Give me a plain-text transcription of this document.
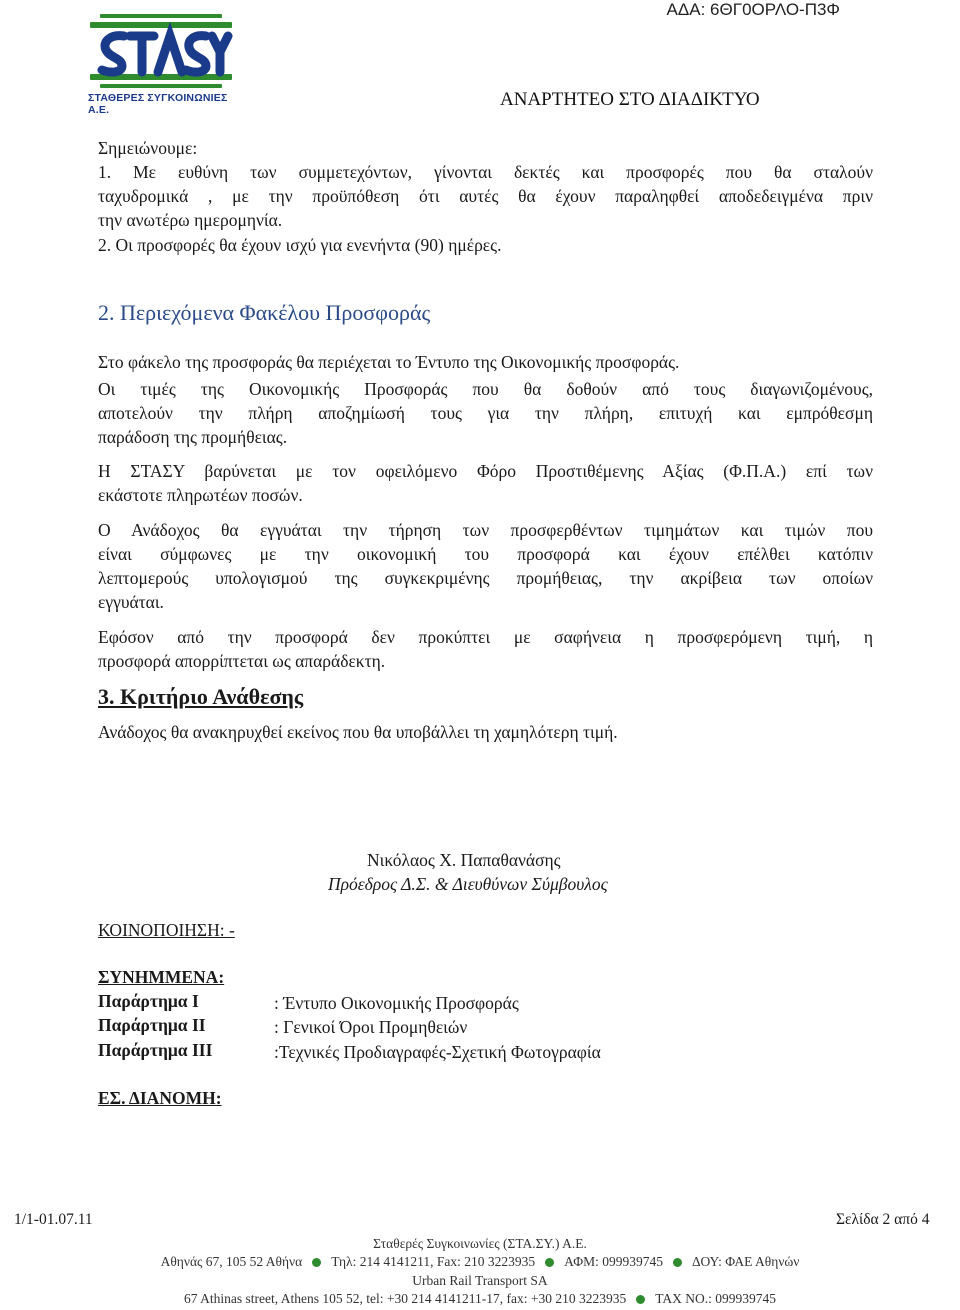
ΑΔΑ: 6ΘΓ0ΟΡΛΟ-Π3Φ
ΣΤΑΘΕΡΕΣ ΣΥΓΚΟΙΝΩΝΙΕΣ Α.Ε.	ΑΝΑΡΤΗΤΕΟ ΣΤΟ ΔΙΑΔΙΚΤΥΟ
Σημειώνουμε:
1. Με ευθύνη των συμμετεχόντων, γίνονται δεκτές και προσφορές που θα σταλούν
ταχυδρομικά , με την προϋπόθεση ότι αυτές θα έχουν παραληφθεί αποδεδειγμένα πριν
την ανωτέρω ημερομηνία.
2. Οι προσφορές θα έχουν ισχύ για ενενήντα (90) ημέρες.
2. Περιεχόμενα Φακέλου Προσφοράς
Στο φάκελο της προσφοράς θα περιέχεται το Έντυπο της Οικονομικής προσφοράς.
Οι τιμές της Οικονομικής Προσφοράς που θα δοθούν από τους διαγωνιζομένους,
αποτελούν την πλήρη αποζημίωσή τους για την πλήρη, επιτυχή και εμπρόθεσμη
παράδοση της προμήθειας.
Η ΣΤΑΣΥ βαρύνεται με τον οφειλόμενο Φόρο Προστιθέμενης Αξίας (Φ.Π.Α.) επί των
εκάστοτε πληρωτέων ποσών.
Ο Ανάδοχος θα εγγυάται την τήρηση των προσφερθέντων τιμημάτων και τιμών που
είναι σύμφωνες με την οικονομική του προσφορά και έχουν επέλθει κατόπιν
λεπτομερούς υπολογισμού της συγκεκριμένης προμήθειας, την ακρίβεια των οποίων
εγγυάται.
Εφόσον από την προσφορά δεν προκύπτει με σαφήνεια η προσφερόμενη τιμή, η
προσφορά απορρίπτεται ως απαράδεκτη.
3. Κριτήριο Ανάθεσης
Ανάδοχος θα ανακηρυχθεί εκείνος που θα υποβάλλει τη χαμηλότερη τιμή.
Νικόλαος Χ. Παπαθανάσης
Πρόεδρος Δ.Σ. & Διευθύνων Σύμβουλος
ΚΟΙΝΟΠΟΙΗΣΗ: -
ΣΥΝΗΜΜΕΝΑ:
Παράρτημα Ι	: Έντυπο Οικονομικής Προσφοράς
Παράρτημα ΙΙ	: Γενικοί Όροι Προμηθειών
Παράρτημα ΙΙΙ	:Τεχνικές Προδιαγραφές-Σχετική Φωτογραφία
ΕΣ. ΔΙΑΝΟΜΗ:
1/1-01.07.11	Σελίδα 2 από 4
Σταθερές Συγκοινωνίες (ΣΤΑ.ΣΥ.) Α.Ε.
Αθηνάς 67, 105 52 Αθήνα Τηλ: 214 4141211, Fax: 210 3223935 ΑΦΜ: 099939745 ΔΟΥ: ΦΑΕ Αθηνών
Urban Rail Transport SA
67 Athinas street, Athens 105 52, tel: +30 214 4141211-17, fax: +30 210 3223935 TAX NO.: 099939745
